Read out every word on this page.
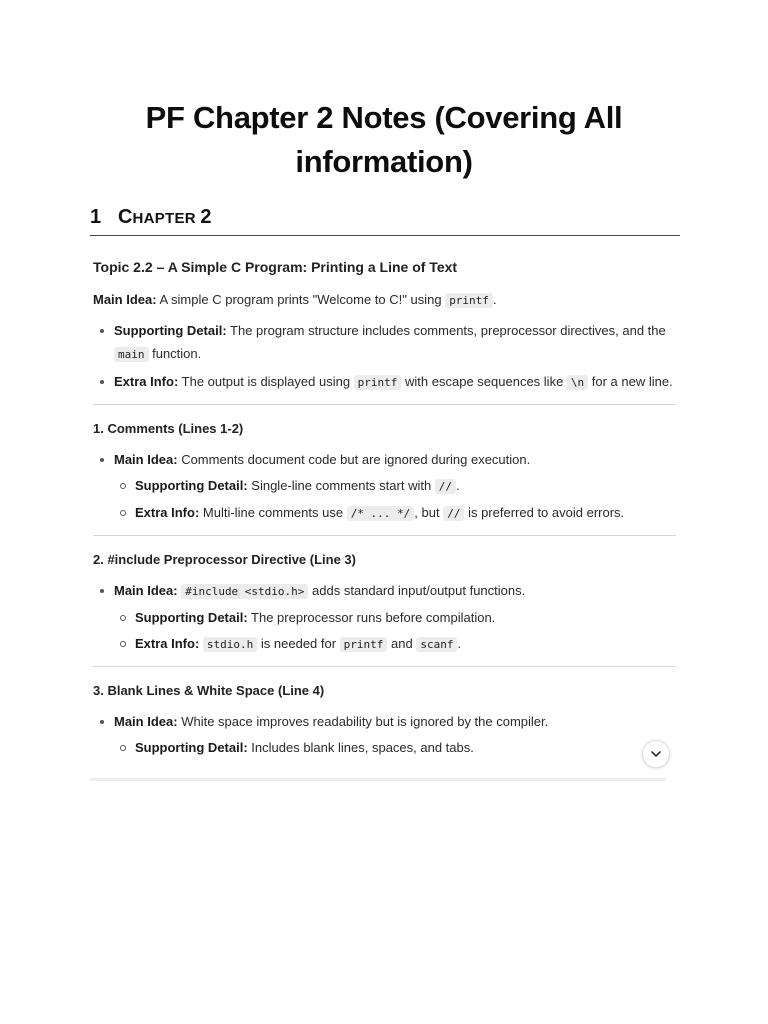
PF Chapter 2 Notes (Covering All information)
1 CHAPTER 2
Topic 2.2 – A Simple C Program: Printing a Line of Text

Main Idea: A simple C program prints "Welcome to C!" using printf .

Supporting Detail: The program structure includes comments, preprocessor directives, and the main function.
Extra Info: The output is displayed using printf with escape sequences like \n for a new line.
1. Comments (Lines 1-2)
Main Idea: Comments document code but are ignored during execution.
Supporting Detail: Single-line comments start with // .
Extra Info: Multi-line comments use /* ... */ , but // is preferred to avoid errors.
2. #include Preprocessor Directive (Line 3)
Main Idea: #include <stdio.h> adds standard input/output functions.
Supporting Detail: The preprocessor runs before compilation.
Extra Info: stdio.h is needed for printf and scanf .
3. Blank Lines & White Space (Line 4)
Main Idea: White space improves readability but is ignored by the compiler.
Supporting Detail: Includes blank lines, spaces, and tabs.
